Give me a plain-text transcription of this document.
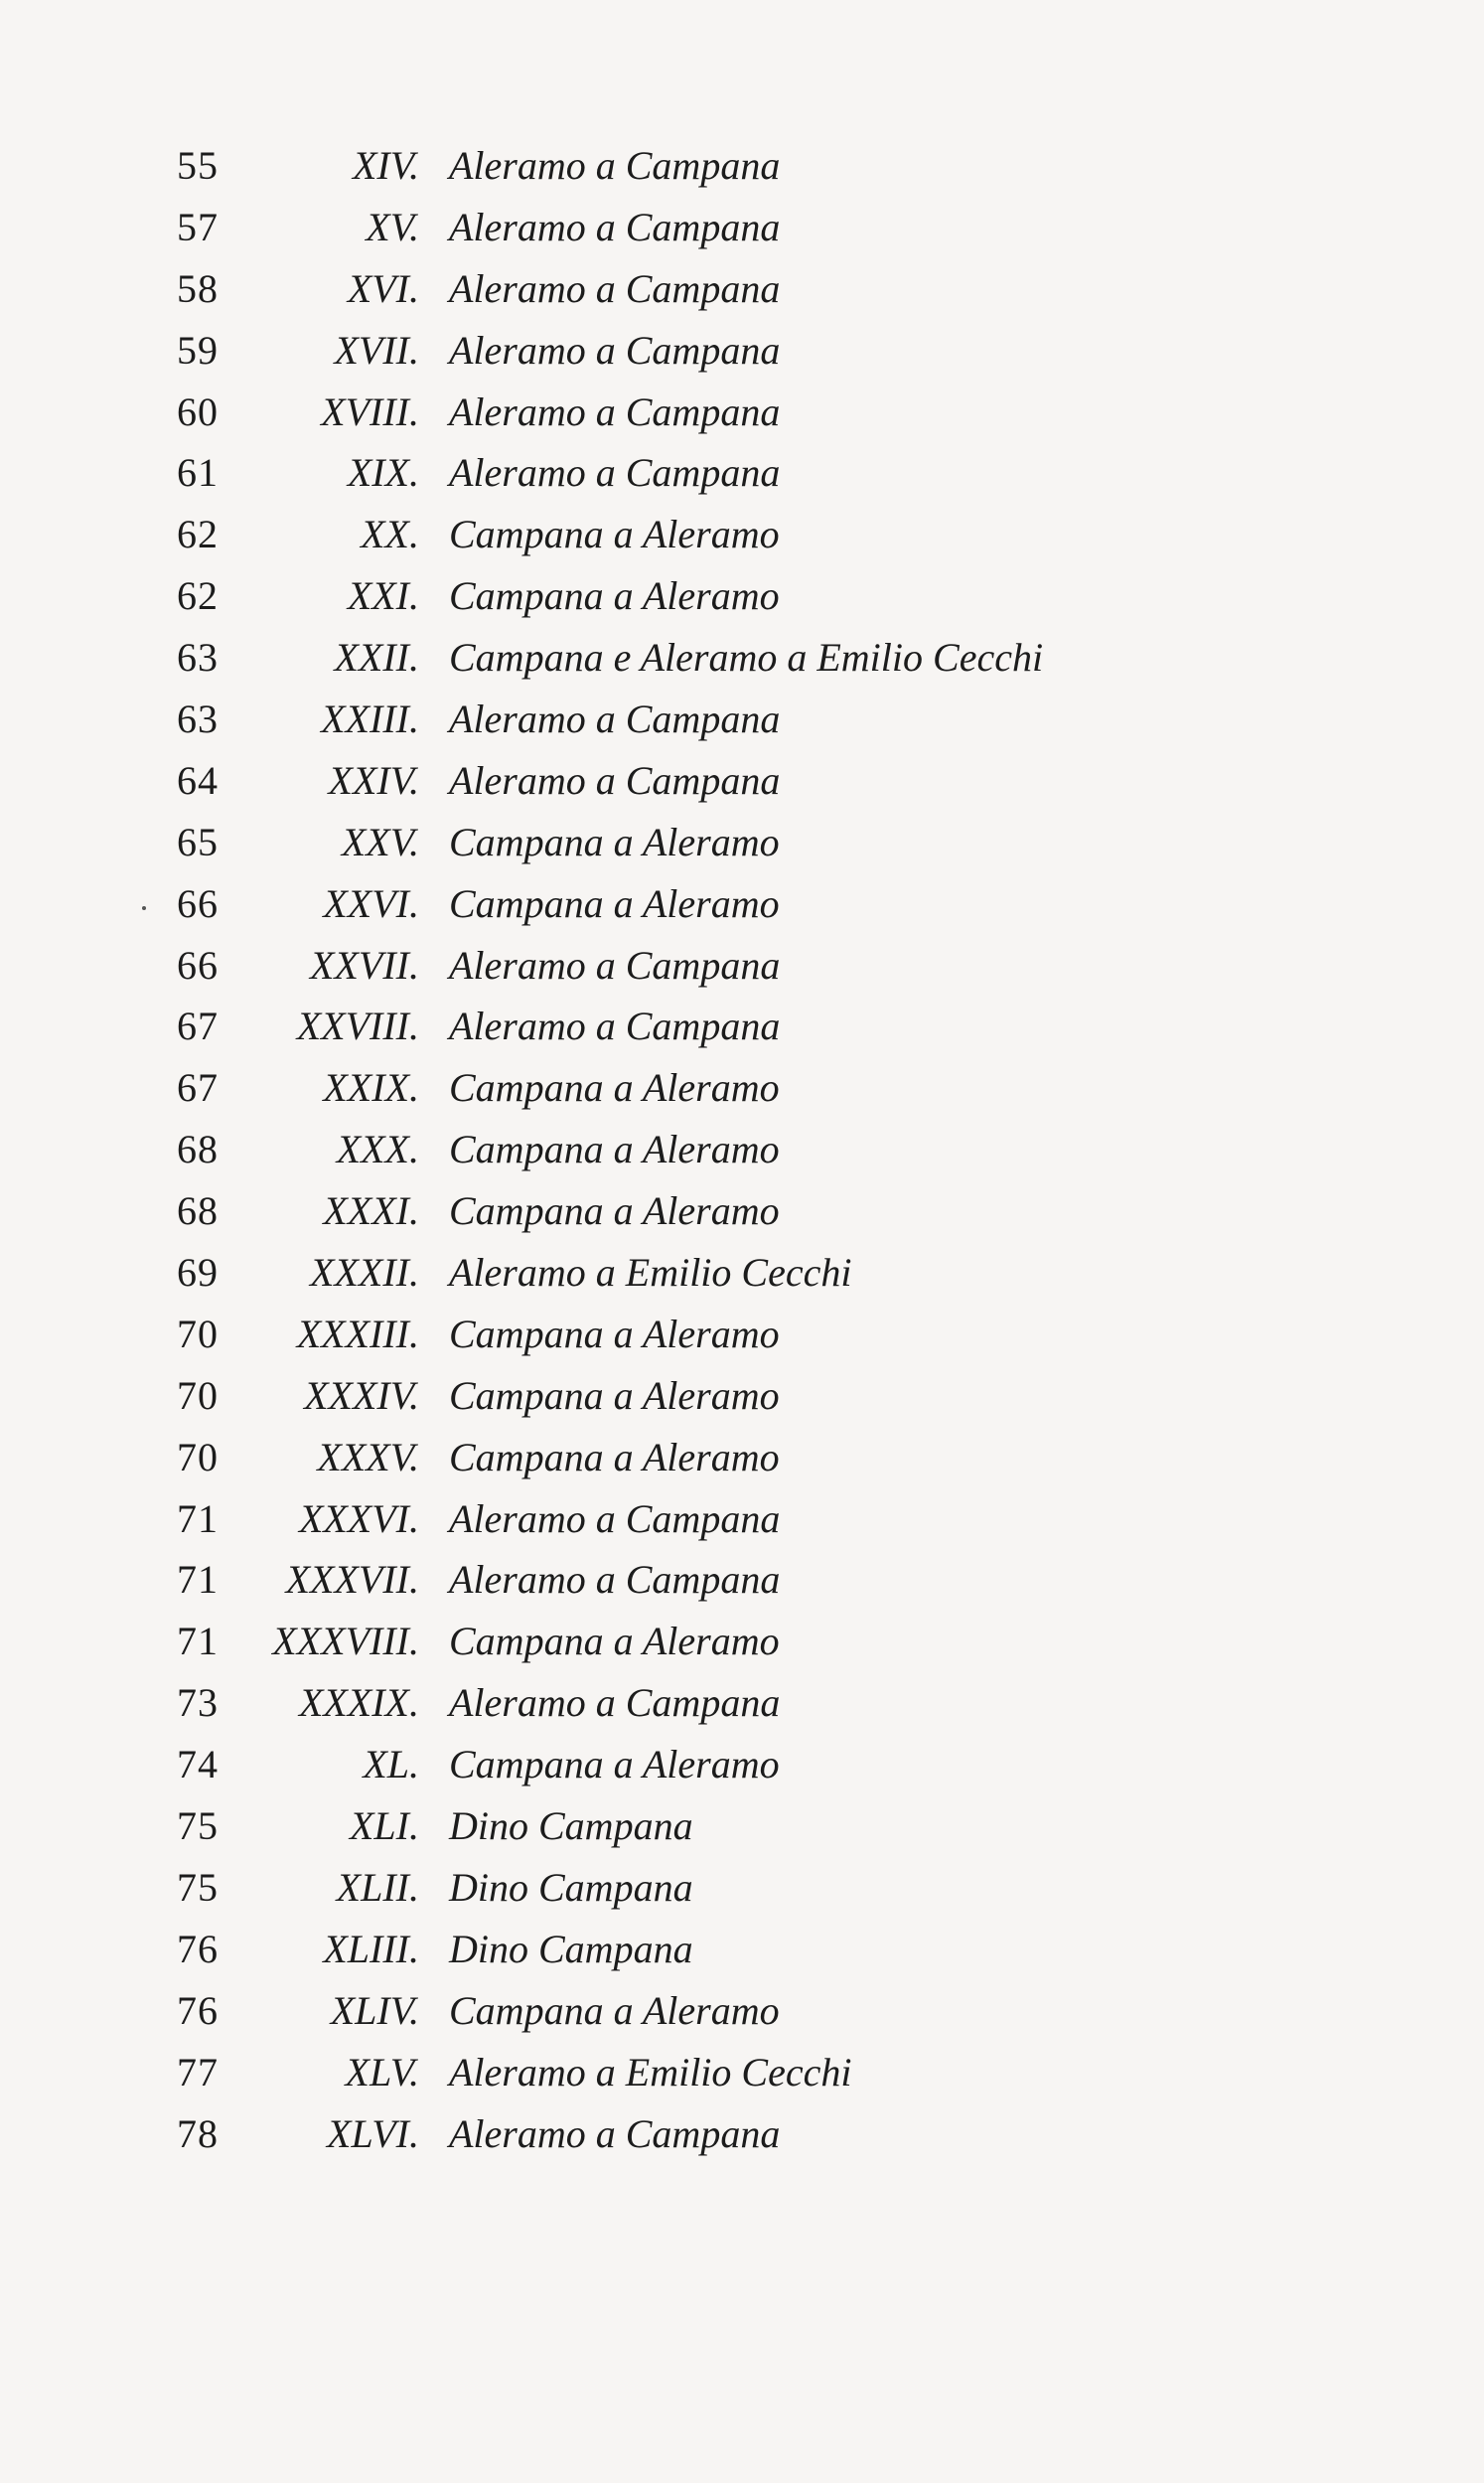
55	XIV. Aleramo a Campana
57	XV. Aleramo a Campana
58	XVI. Aleramo a Campana
59	XVII. Aleramo a Campana
60	XVIII. Aleramo a Campana
61	XIX. Aleramo a Campana
62	XX. Campana a Aleramo
62	XXI. Campana a Aleramo
63	XXII. Campana e Aleramo a Emilio Cecchi
63	XXIII. Aleramo a Campana
64	XXIV. Aleramo a Campana
65	XXV. Campana a Aleramo
66	XXVI. Campana a Aleramo
66	XXVII. Aleramo a Campana
67	XXVIII. Aleramo a Campana
67	XXIX. Campana a Aleramo
68	XXX. Campana a Aleramo
68	XXXI. Campana a Aleramo
69	XXXII. Aleramo a Emilio Cecchi
70	XXXIII. Campana a Aleramo
70	XXXIV. Campana a Aleramo
70	XXXV. Campana a Aleramo
71	XXXVI. Aleramo a Campana
71	XXXVII. Aleramo a Campana
71	XXXVIII. Campana a Aleramo
73	XXXIX. Aleramo a Campana
74	XL. Campana a Aleramo
75	XLI. Dino Campana
75	XLII. Dino Campana
76	XLIII. Dino Campana
76	XLIV. Campana a Aleramo
77	XLV. Aleramo a Emilio Cecchi
78	XLVI. Aleramo a Campana
